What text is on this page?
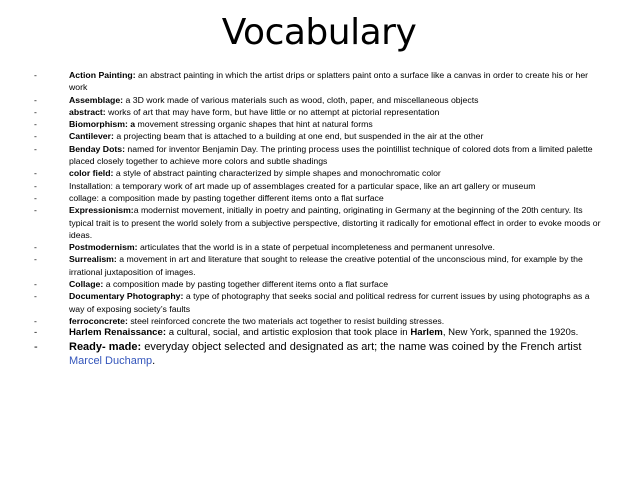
Vocabulary
-	Action Painting: an abstract painting in which the artist drips or splatters paint onto a surface like a canvas in order to create his or her work
-	Assemblage: a 3D work made of various materials such as wood, cloth, paper, and miscellaneous objects
-	abstract: works of art that may have form, but have little or no attempt at pictorial representation
-	Biomorphism: a movement stressing organic shapes that hint at natural forms
-	Cantilever: a projecting beam that is attached to a building at one end, but suspended in the air at the other
-	Benday Dots: named for inventor Benjamin Day. The printing process uses the pointillist technique of colored dots from a limited palette placed closely together to achieve more colors and subtle shadings
-	color field: a style of abstract painting characterized by simple shapes and monochromatic color
-	Installation: a temporary work of art made up of assemblages created for a particular space, like an art gallery or museum
-	collage: a composition made by pasting together different items onto a flat surface
-	Expressionism:a modernist movement, initially in poetry and painting, originating in Germany at the beginning of the 20th century. Its typical trait is to present the world solely from a subjective perspective, distorting it radically for emotional effect in order to evoke moods or ideas.
-	Postmodernism: articulates that the world is in a state of perpetual incompleteness and permanent unresolve.
-	Surrealism: a movement in art and literature that sought to release the creative potential of the unconscious mind, for example by the irrational juxtaposition of images.
-	Collage: a composition made by pasting together different items onto a flat surface
-	Documentary Photography: a type of photography that seeks social and political redress for current issues by using photographs as a way of exposing society’s faults
-	ferroconcrete: steel reinforced concrete the two materials act together to resist building stresses.
-	Harlem Renaissance: a cultural, social, and artistic explosion that took place in Harlem, New York, spanned the 1920s.
-	Ready- made: everyday object selected and designated as art; the name was coined by the French artist Marcel Duchamp.
